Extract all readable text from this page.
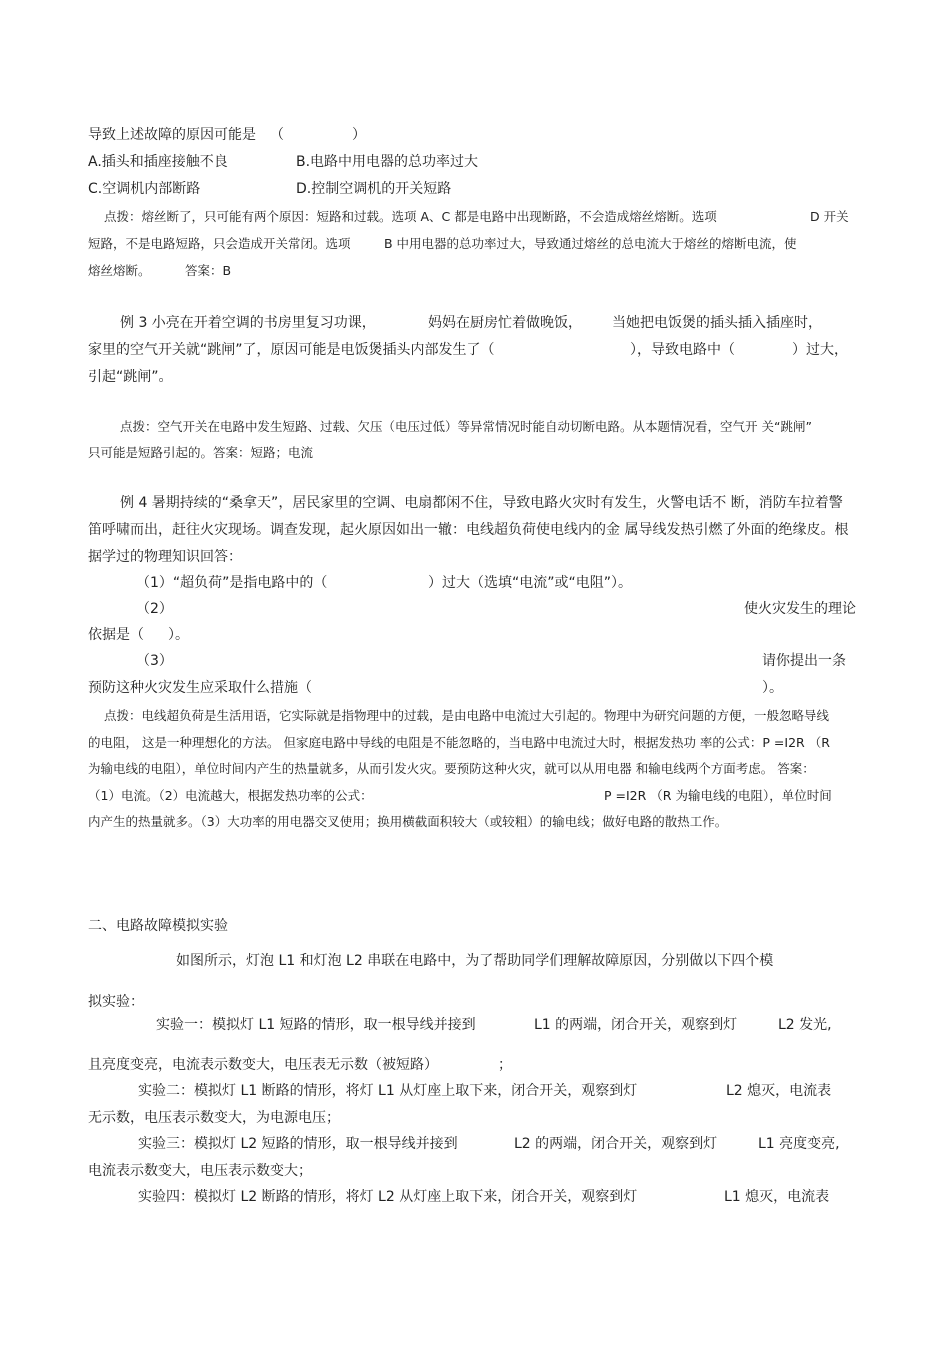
导致上述故障的原因可能是 （	）
A.插头和插座接触不良	B.电路中用电器的总功率过大
C.空调机内部断路	D.控制空调机的开关短路
点拨：熔丝断了，只可能有两个原因：短路和过载。选项 A、C 都是电路中出现断路，不会造成熔丝熔断。选项	D 开关
短路，不是电路短路，只会造成开关常闭。选项	B 中用电器的总功率过大，导致通过熔丝的总电流大于熔丝的熔断电流，使
熔丝熔断。	答案：B
例 3 小亮在开着空调的书房里复习功课，	妈妈在厨房忙着做晚饭， 当她把电饭煲的插头插入插座时，
家里的空气开关就“跳闸”了，原因可能是电饭煲插头内部发生了（	），导致电路中（	）过大，
引起“跳闸”。
点拨：空气开关在电路中发生短路、过载、欠压（电压过低）等异常情况时能自动切断电路。从本题情况看，空气开 关“跳闸”
只可能是短路引起的。答案：短路；电流
例 4 暑期持续的“桑拿天”，居民家里的空调、电扇都闲不住，导致电路火灾时有发生，火警电话不 断，消防车拉着警
笛呼啸而出，赶往火灾现场。调查发现，起火原因如出一辙：电线超负荷使电线内的金 属导线发热引燃了外面的绝缘皮。根
据学过的物理知识回答：
（1）“超负荷”是指电路中的（	）过大（选填“电流”或“电阻”）。
（2）	使火灾发生的理论
依据是（ ）。
（3）	请你提出一条
预防这种火灾发生应采取什么措施（	）。
点拨：电线超负荷是生活用语，它实际就是指物理中的过载，是由电路中电流过大引起的。物理中为研究问题的方便，一般忽略导线
的电阻， 这是一种理想化的方法。 但家庭电路中导线的电阻是不能忽略的，当电路中电流过大时，根据发热功 率的公式：P =I2R （R
为输电线的电阻），单位时间内产生的热量就多，从而引发火灾。要预防这种火灾，就可以从用电器 和输电线两个方面考虑。 答案：
（1）电流。（2）电流越大，根据发热功率的公式：	P =I2R （R 为输电线的电阻），单位时间
内产生的热量就多。（3）大功率的用电器交叉使用；换用横截面积较大（或较粗）的输电线；做好电路的散热工作。
二、电路故障模拟实验
如图所示，灯泡 L1 和灯泡 L2 串联在电路中，为了帮助同学们理解故障原因，分别做以下四个模
拟实验：
实验一：模拟灯 L1 短路的情形，取一根导线并接到	L1 的两端，闭合开关，观察到灯	L2 发光,
且亮度变亮，电流表示数变大，电压表无示数（被短路）	；
实验二：模拟灯 L1 断路的情形，将灯 L1 从灯座上取下来，闭合开关，观察到灯	L2 熄灭，电流表
无示数，电压表示数变大，为电源电压；
实验三：模拟灯 L2 短路的情形，取一根导线并接到	L2 的两端，闭合开关，观察到灯	L1 亮度变亮,
电流表示数变大，电压表示数变大；
实验四：模拟灯 L2 断路的情形，将灯 L2 从灯座上取下来，闭合开关，观察到灯	L1 熄灭，电流表
